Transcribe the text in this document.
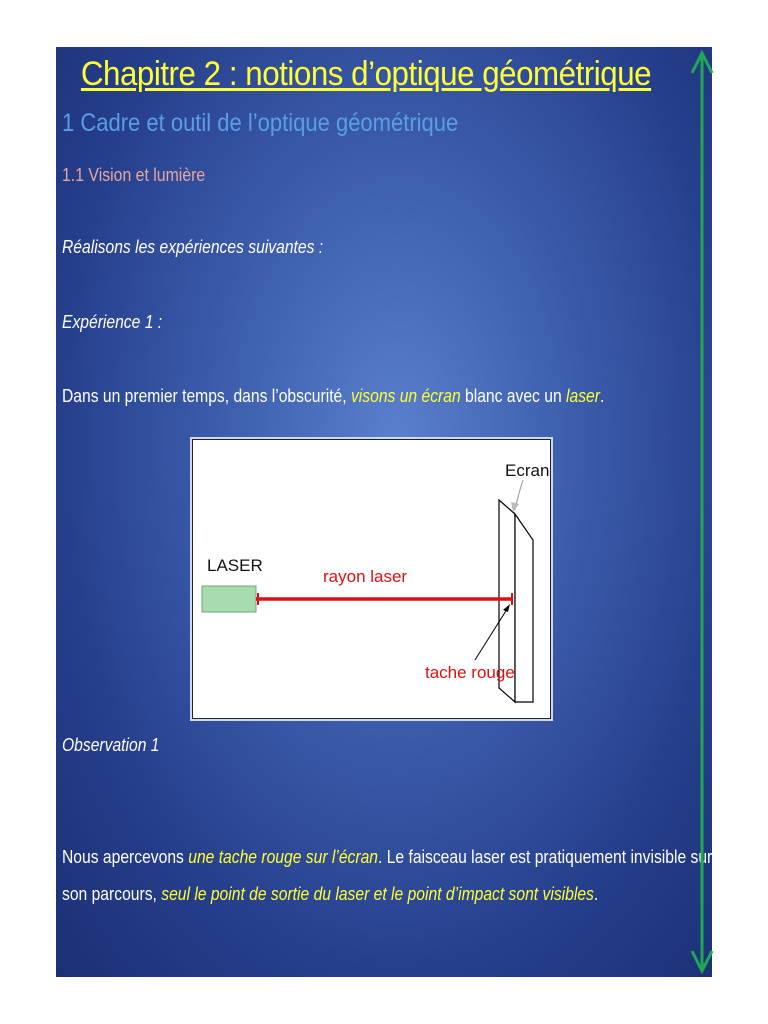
Chapitre 2 : notions d’optique géométrique
1 Cadre et outil de l’optique géométrique
1.1 Vision et lumière
Réalisons les expériences suivantes :
Expérience 1 :
Dans un premier temps, dans l’obscurité, visons un écran blanc avec un laser.
Ecran
LASER
rayon laser
tache rouge
Observation 1
Nous apercevons une tache rouge sur l’écran. Le faisceau laser est pratiquement invisible sur
son parcours, seul le point de sortie du laser et le point d’impact sont visibles.
